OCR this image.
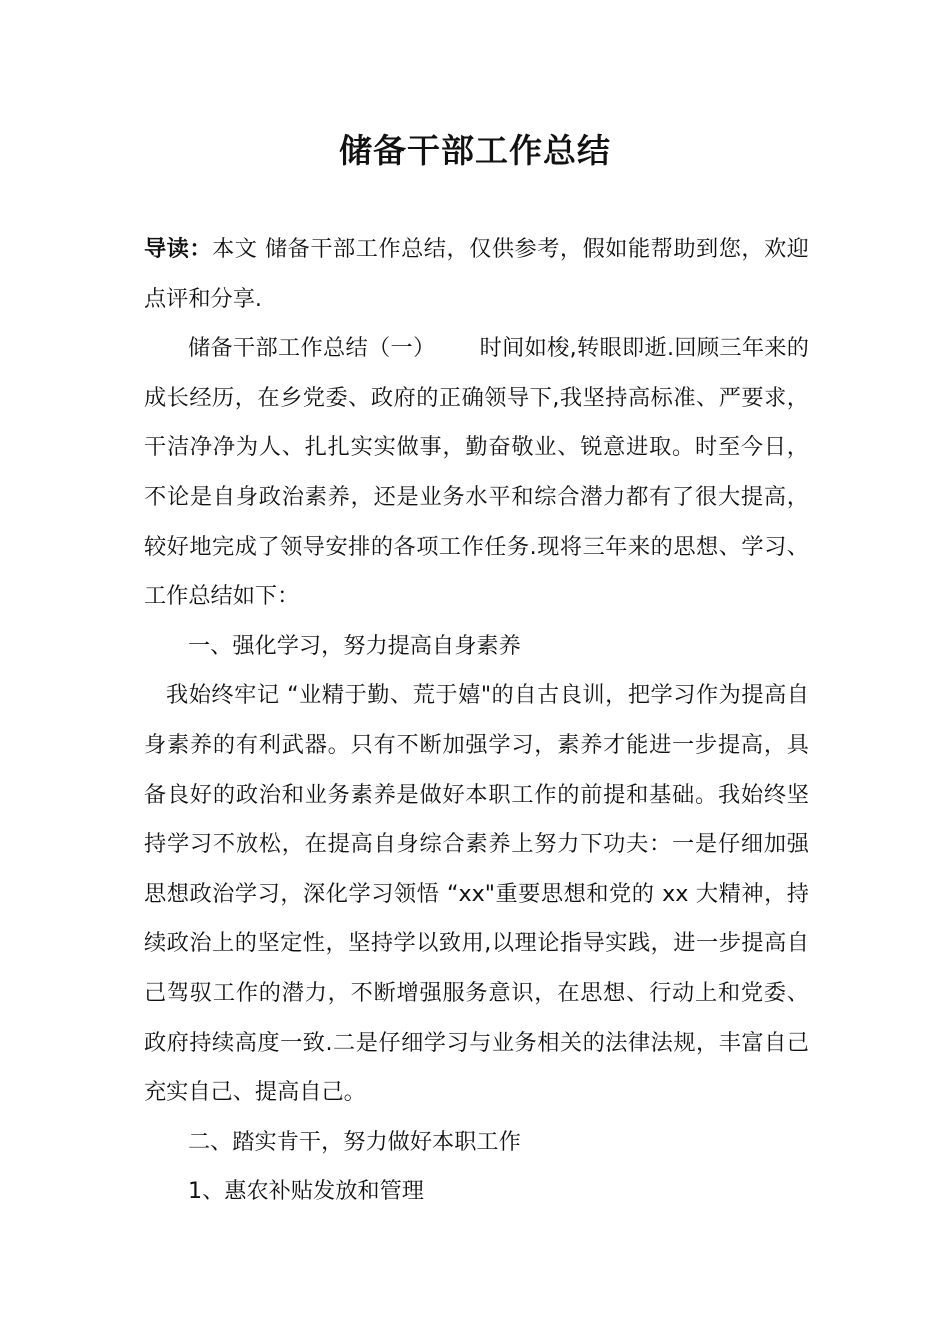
储备干部工作总结

导读：本文 储备干部工作总结，仅供参考，假如能帮助到您，欢迎点评和分享.

储备干部工作总结（一）      时间如梭,转眼即逝.回顾三年来的成长经历，在乡党委、政府的正确领导下,我坚持高标准、严要求，干洁净净为人、扎扎实实做事，勤奋敬业、锐意进取。时至今日，不论是自身政治素养，还是业务水平和综合潜力都有了很大提高，较好地完成了领导安排的各项工作任务.现将三年来的思想、学习、工作总结如下：

一、强化学习，努力提高自身素养

我始终牢记 “业精于勤、荒于嬉"的自古良训，把学习作为提高自身素养的有利武器。只有不断加强学习，素养才能进一步提高，具备良好的政治和业务素养是做好本职工作的前提和基础。我始终坚持学习不放松，在提高自身综合素养上努力下功夫：一是仔细加强思想政治学习，深化学习领悟 “xx"重要思想和党的 xx 大精神，持续政治上的坚定性，坚持学以致用,以理论指导实践，进一步提高自己驾驭工作的潜力，不断增强服务意识，在思想、行动上和党委、政府持续高度一致.二是仔细学习与业务相关的法律法规，丰富自己充实自己、提高自己。

二、踏实肯干，努力做好本职工作

1、惠农补贴发放和管理
